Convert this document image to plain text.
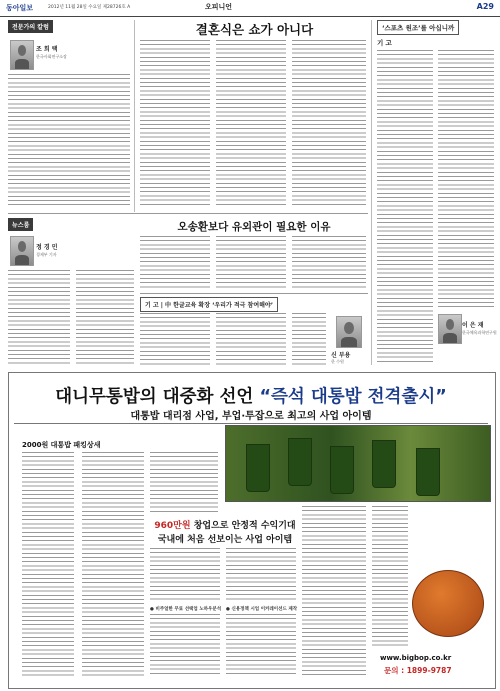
동아일보	2012년 11월 28일 수요일 제28726호 A	오피니언	A29
전문가의 칼럼
조 희 택
한국사회연구소장
결혼식은 쇼가 아니다	‘스포츠 원조’를 아십니까
기 고
이 은 재
한국체육과학연구원
뉴스룸
정 경 민
경제부 기자
오송환보다 유외관이 필요한 이유
기 고 | 中 한글교육 확장 ‘우리가 적극 참여해야’
신 부용
한 수원
대니무통밥의 대중화 선언 “즉석 대통밥 전격출시”
대통밥 대리점 사업, 부업·투잡으로 최고의 사업 아이템
2000원 대통밥 패킹상새
960만원 창업으로 안정적 수익기대
국내에 처음 선보이는 사업 아이템
● 비주얼한 무료 선택업 노하우분석 ● 신용정책 시업 이커레이션드 제작
www.bigbop.co.kr
문의 : 1899-9787
